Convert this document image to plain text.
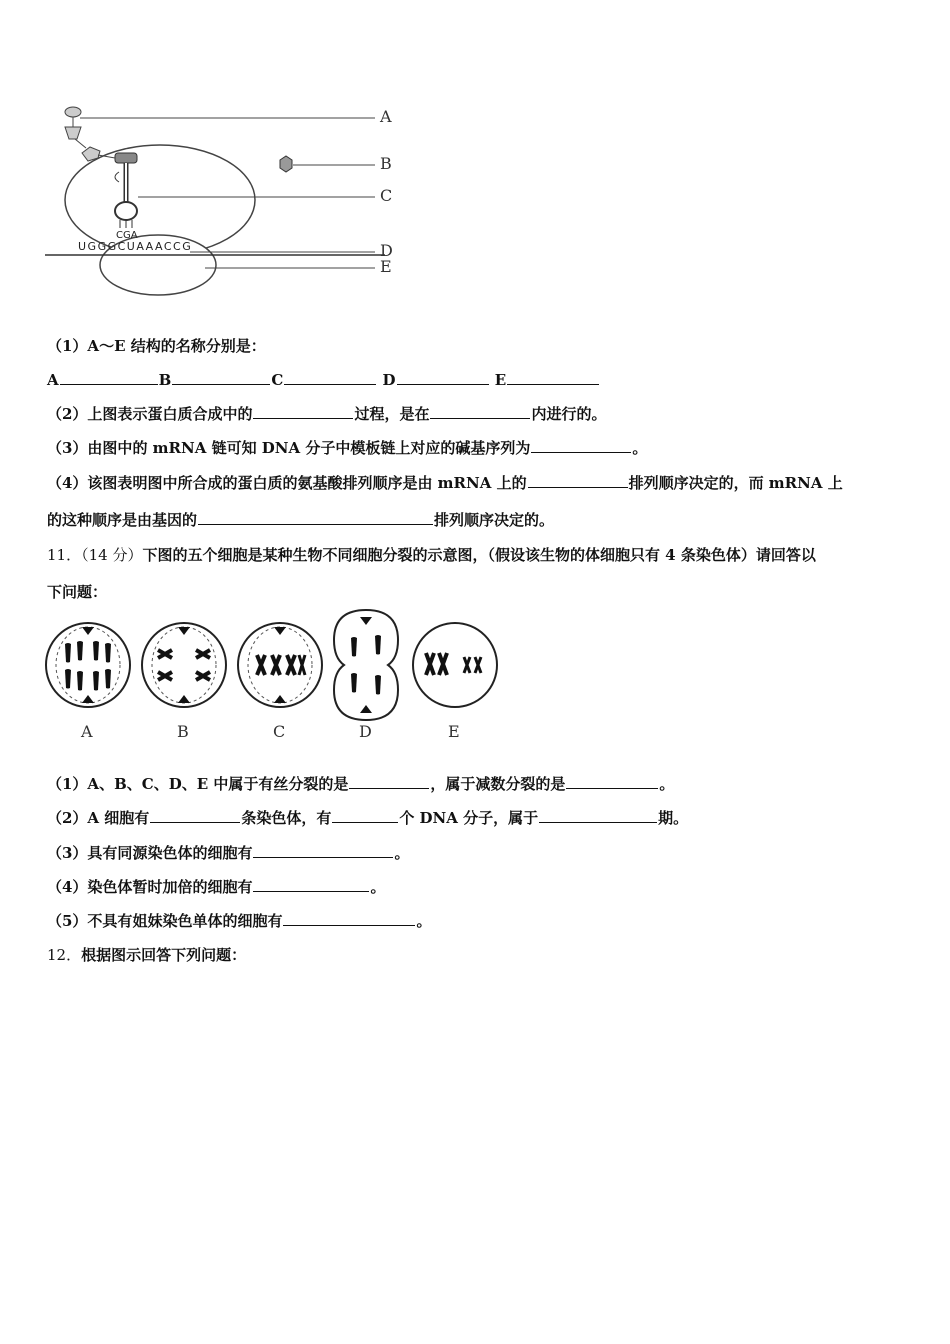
CGA
UGGGCUAAACCG
A
B
C
D
E
（1）A～E 结构的名称分别是：
A	B	C	D	E
（2）上图表示蛋白质合成中的	过程，是在	内进行的。
（3）由图中的 mRNA 链可知 DNA 分子中模板链上对应的碱基序列为	。
（4）该图表明图中所合成的蛋白质的氨基酸排列顺序是由 mRNA 上的	排列顺序决定的，而 mRNA 上
的这种顺序是由基因的	排列顺序决定的。
11．（14 分）下图的五个细胞是某种生物不同细胞分裂的示意图，（假设该生物的体细胞只有 4 条染色体）请回答以
下问题：
A	B	C	D	E
（1）A、B、C、D、E 中属于有丝分裂的是	，属于减数分裂的是	。
（2）A 细胞有	条染色体，有	个 DNA 分子，属于	期。
（3）具有同源染色体的细胞有	。
（4）染色体暂时加倍的细胞有	。
（5）不具有姐妹染色单体的细胞有	。
12．根据图示回答下列问题：
